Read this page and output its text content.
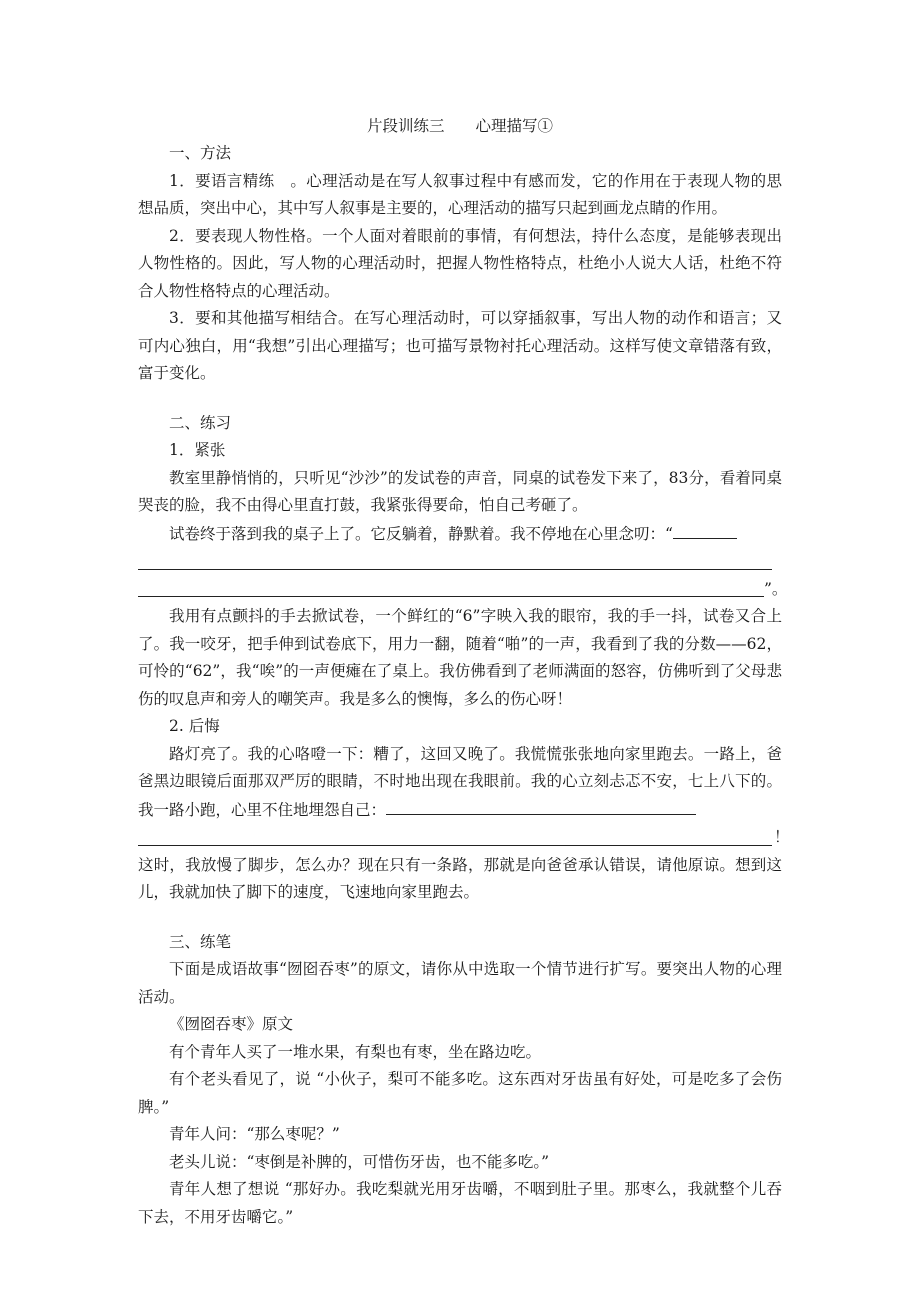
片段训练三　　心理描写①
一、方法

1．要语言精练　。心理活动是在写人叙事过程中有感而发，它的作用在于表现人物的思想品质，突出中心，其中写人叙事是主要的，心理活动的描写只起到画龙点睛的作用。

2．要表现人物性格。一个人面对着眼前的事情，有何想法，持什么态度，是能够表现出人物性格的。因此，写人物的心理活动时，把握人物性格特点，杜绝小人说大人话，杜绝不符合人物性格特点的心理活动。

3．要和其他描写相结合。在写心理活动时，可以穿插叙事，写出人物的动作和语言；又可内心独白，用“我想”引出心理描写；也可描写景物衬托心理活动。这样写使文章错落有致，富于变化。

二、练习
1．紧张

教室里静悄悄的，只听见“沙沙”的发试卷的声音，同桌的试卷发下来了，83分，看着同桌哭丧的脸，我不由得心里直打鼓，我紧张得要命，怕自己考砸了。

试卷终于落到我的桌子上了。它反躺着，静默着。我不停地在心里念叨：“

”。

我用有点颤抖的手去掀试卷，一个鲜红的“6”字映入我的眼帘，我的手一抖，试卷又合上了。我一咬牙，把手伸到试卷底下，用力一翻，随着“啪”的一声，我看到了我的分数——62，可怜的“62”，我“唉”的一声便瘫在了桌上。我仿佛看到了老师满面的怒容，仿佛听到了父母悲伤的叹息声和旁人的嘲笑声。我是多么的懊悔，多么的伤心呀！

2. 后悔

路灯亮了。我的心咯噔一下：糟了，这回又晚了。我慌慌张张地向家里跑去。一路上，爸爸黑边眼镜后面那双严厉的眼睛，不时地出现在我眼前。我的心立刻忐忑不安，七上八下的。我一路小跑，心里不住地埋怨自己：

！

这时，我放慢了脚步，怎么办？现在只有一条路，那就是向爸爸承认错误，请他原谅。想到这儿，我就加快了脚下的速度，飞速地向家里跑去。

三、练笔

下面是成语故事“囫囵吞枣”的原文，请你从中选取一个情节进行扩写。要突出人物的心理活动。

《囫囵吞枣》原文

有个青年人买了一堆水果，有梨也有枣，坐在路边吃。

有个老头看见了，说 “小伙子，梨可不能多吃。这东西对牙齿虽有好处，可是吃多了会伤脾。”

青年人问：“那么枣呢？”

老头儿说：“枣倒是补脾的，可惜伤牙齿，也不能多吃。”

青年人想了想说 “那好办。我吃梨就光用牙齿嚼，不咽到肚子里。那枣么，我就整个儿吞下去，不用牙齿嚼它。”
